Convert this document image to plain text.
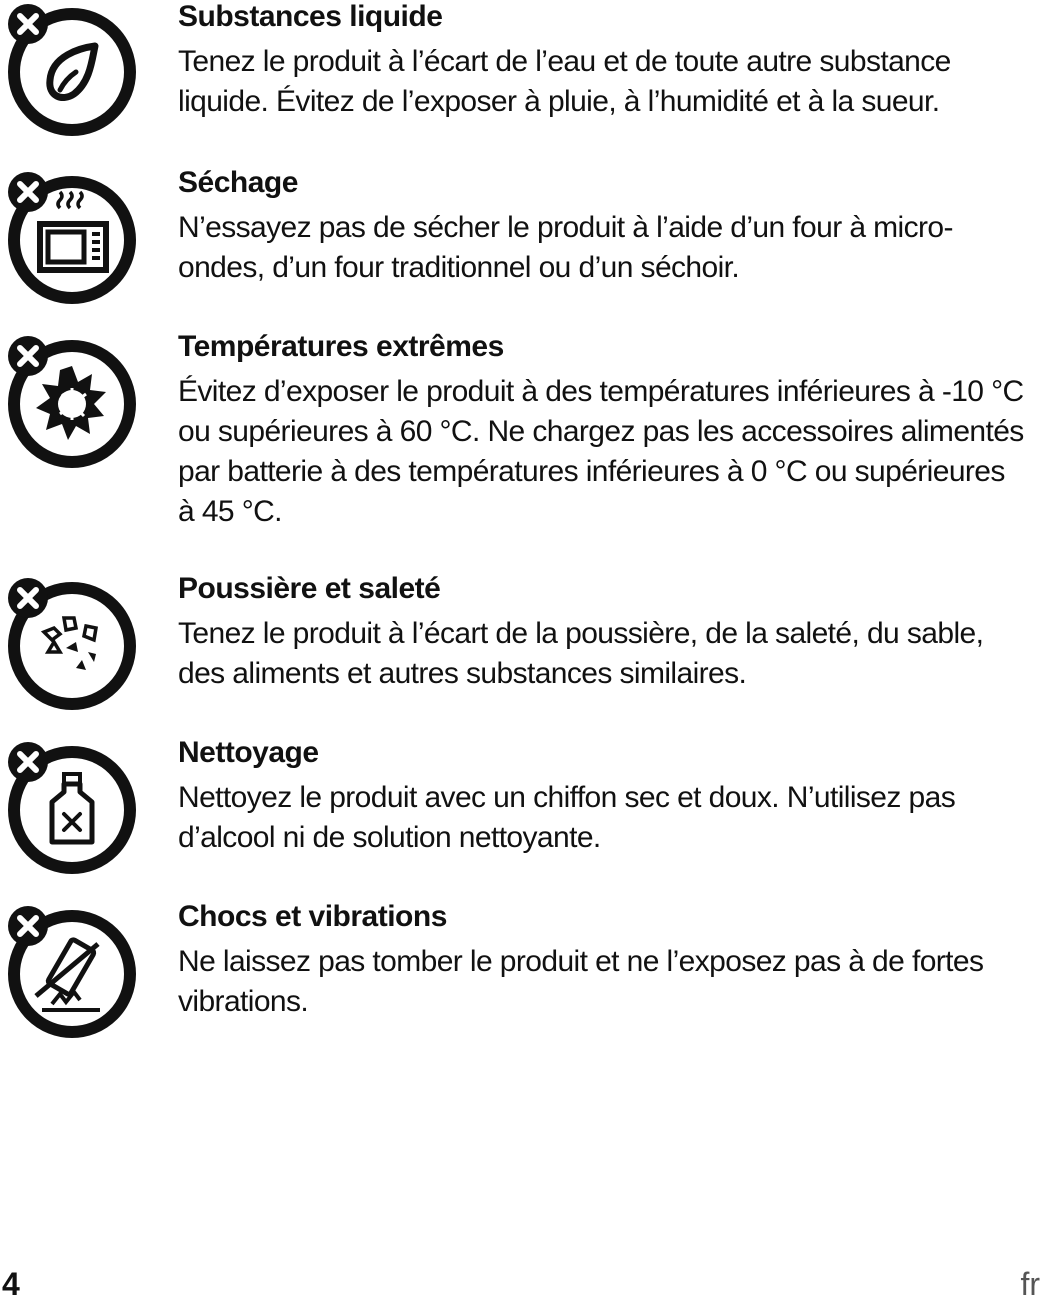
Substances liquide

Tenez le produit à l’écart de l’eau et de toute autre substance liquide. Évitez de l’exposer à pluie, à l’humidité et à la sueur.

Séchage

N’essayez pas de sécher le produit à l’aide d’un four à micro-ondes, d’un four traditionnel ou d’un séchoir.

Températures extrêmes

Évitez d’exposer le produit à des températures inférieures à -10 °C ou supérieures à 60 °C. Ne chargez pas les accessoires alimentés par batterie à des températures inférieures à 0 °C ou supérieures à 45 °C.

Poussière et saleté

Tenez le produit à l’écart de la poussière, de la saleté, du sable, des aliments et autres substances similaires.

Nettoyage

Nettoyez le produit avec un chiffon sec et doux. N’utilisez pas d’alcool ni de solution nettoyante.

Chocs et vibrations

Ne laissez pas tomber le produit et ne l’exposez pas à de fortes vibrations.

4	fr
